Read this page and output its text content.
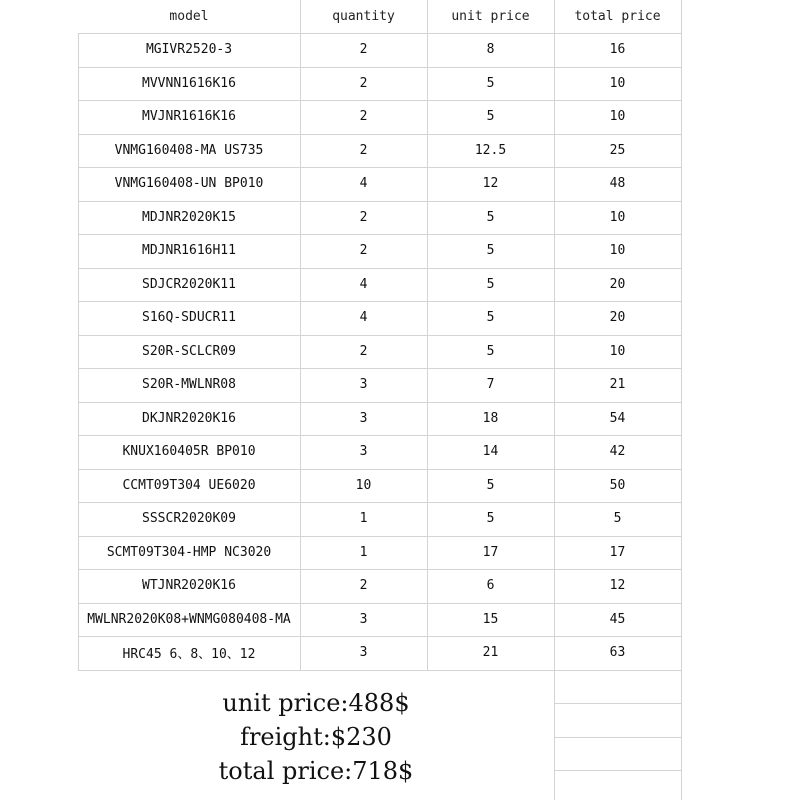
model	quantity	unit price	total price
MGIVR2520-3	2	8	16
MVVNN1616K16	2	5	10
MVJNR1616K16	2	5	10
VNMG160408-MA US735	2	12.5	25
VNMG160408-UN BP010	4	12	48
MDJNR2020K15	2	5	10
MDJNR1616H11	2	5	10
SDJCR2020K11	4	5	20
S16Q-SDUCR11	4	5	20
S20R-SCLCR09	2	5	10
S20R-MWLNR08	3	7	21
DKJNR2020K16	3	18	54
KNUX160405R BP010	3	14	42
CCMT09T304 UE6020	10	5	50
SSSCR2020K09	1	5	5
SCMT09T304-HMP NC3020	1	17	17
WTJNR2020K16	2	6	12
MWLNR2020K08+WNMG080408-MA	3	15	45
HRC45 6、8、10、12	3	21	63
unit price:488$
freight:$230
total price:718$
